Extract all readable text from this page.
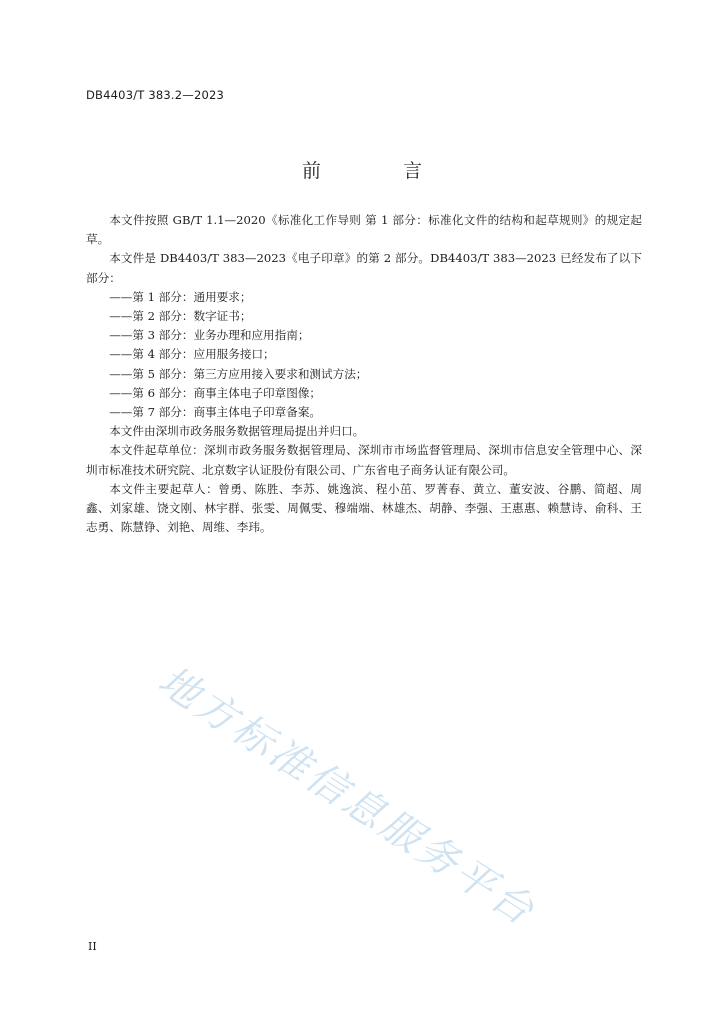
DB4403/T 383.2—2023
前 言

本文件按照 GB/T 1.1—2020《标准化工作导则 第 1 部分：标准化文件的结构和起草规则》的规定起草。

本文件是 DB4403/T 383—2023《电子印章》的第 2 部分。DB4403/T 383—2023 已经发布了以下部分：

——第 1 部分：通用要求；

——第 2 部分：数字证书；

——第 3 部分：业务办理和应用指南；

——第 4 部分：应用服务接口；

——第 5 部分：第三方应用接入要求和测试方法；

——第 6 部分：商事主体电子印章图像；

——第 7 部分：商事主体电子印章备案。

本文件由深圳市政务服务数据管理局提出并归口。

本文件起草单位：深圳市政务服务数据管理局、深圳市市场监督管理局、深圳市信息安全管理中心、深圳市标准技术研究院、北京数字认证股份有限公司、广东省电子商务认证有限公司。

本文件主要起草人：曾勇、陈胜、李苏、姚逸滨、程小茁、罗菁春、黄立、董安波、谷鹏、简超、周鑫、刘家雄、饶文刚、林宇群、张雯、周佩雯、穆端端、林雄杰、胡静、李强、王惠惠、赖慧诗、俞科、王志勇、陈慧铮、刘艳、周维、李玮。

地方标准信息服务平台
II
